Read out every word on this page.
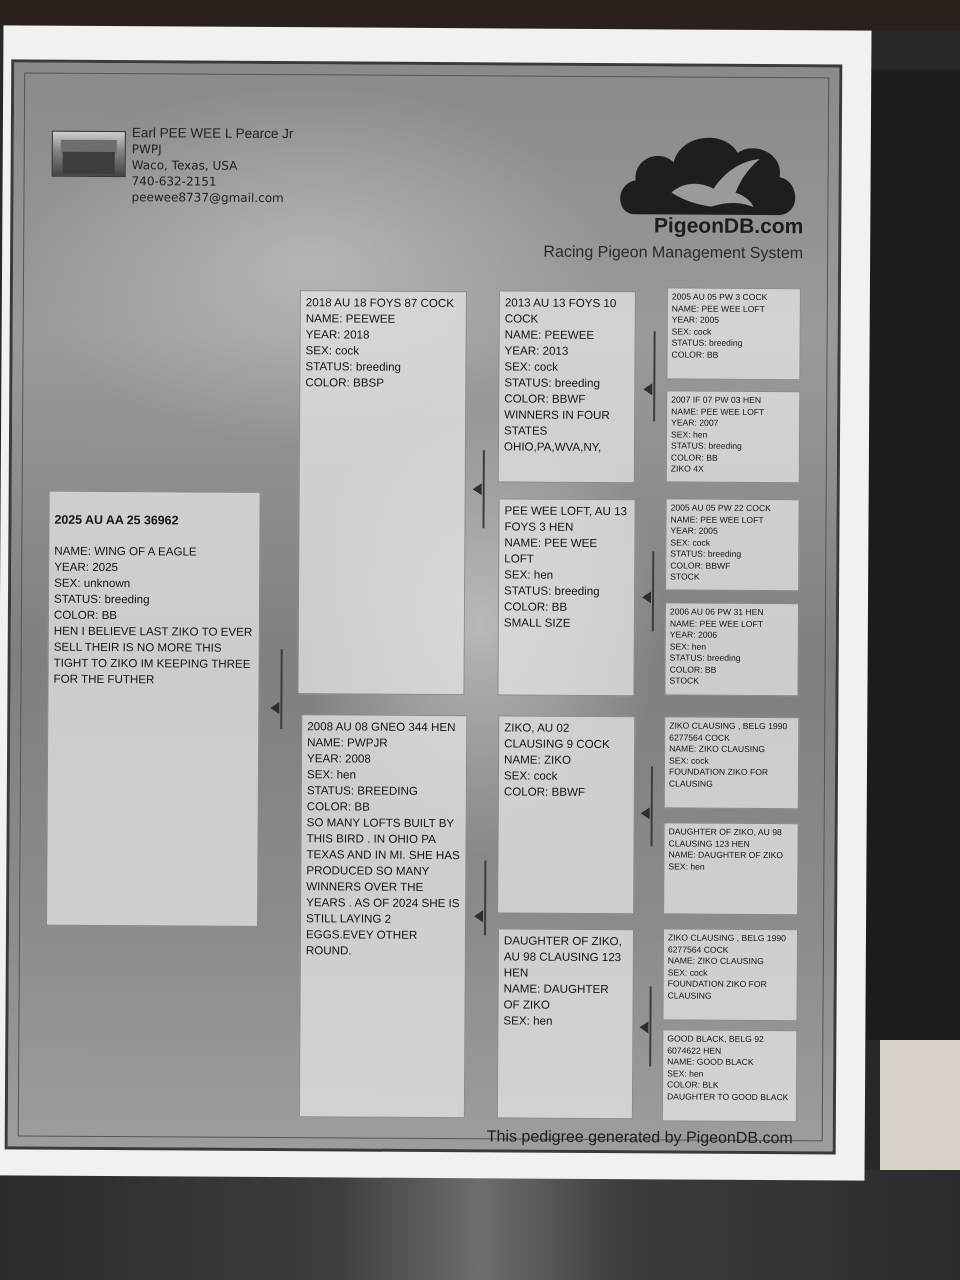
Earl PEE WEE L Pearce Jr
PWPJ
Waco, Texas, USA
740-632-2151
peewee8737@gmail.com
PigeonDB.com
Racing Pigeon Management System

2025 AU AA 25 36962

NAME: WING OF A EAGLE
YEAR: 2025
SEX: unknown
STATUS: breeding
COLOR: BB
HEN I BELIEVE LAST ZIKO TO EVER SELL THEIR IS NO MORE THIS TIGHT TO ZIKO IM KEEPING THREE FOR THE FUTHER

2018 AU 18 FOYS 87 COCK
NAME: PEEWEE
YEAR: 2018
SEX: cock
STATUS: breeding
COLOR: BBSP
2008 AU 08 GNEO 344 HEN
NAME: PWPJR
YEAR: 2008
SEX: hen
STATUS: BREEDING
COLOR: BB
SO MANY LOFTS BUILT BY THIS BIRD . IN OHIO PA TEXAS AND IN MI. SHE HAS PRODUCED SO MANY WINNERS OVER THE YEARS . AS OF 2024 SHE IS STILL LAYING 2 EGGS.EVEY OTHER ROUND.
2013 AU 13 FOYS 10 COCK
NAME: PEEWEE
YEAR: 2013
SEX: cock
STATUS: breeding
COLOR: BBWF
WINNERS IN FOUR STATES
OHIO,PA,WVA,NY,
PEE WEE LOFT, AU 13 FOYS 3 HEN
NAME: PEE WEE LOFT
SEX: hen
STATUS: breeding
COLOR: BB
SMALL SIZE
ZIKO, AU 02 CLAUSING 9 COCK
NAME: ZIKO
SEX: cock
COLOR: BBWF
DAUGHTER OF ZIKO, AU 98 CLAUSING 123 HEN
NAME: DAUGHTER OF ZIKO
SEX: hen
2005 AU 05 PW 3 COCK
NAME: PEE WEE LOFT
YEAR: 2005
SEX: cock
STATUS: breeding
COLOR: BB
2007 IF 07 PW 03 HEN
NAME: PEE WEE LOFT
YEAR: 2007
SEX: hen
STATUS: breeding
COLOR: BB
ZIKO 4X
2005 AU 05 PW 22 COCK
NAME: PEE WEE LOFT
YEAR: 2005
SEX: cock
STATUS: breeding
COLOR: BBWF
STOCK
2006 AU 06 PW 31 HEN
NAME: PEE WEE LOFT
YEAR: 2006
SEX: hen
STATUS: breeding
COLOR: BB
STOCK
ZIKO CLAUSING , BELG 1990 6277564 COCK
NAME: ZIKO CLAUSING
SEX: cock
FOUNDATION ZIKO FOR CLAUSING
DAUGHTER OF ZIKO, AU 98 CLAUSING 123 HEN
NAME: DAUGHTER OF ZIKO
SEX: hen
ZIKO CLAUSING , BELG 1990 6277564 COCK
NAME: ZIKO CLAUSING
SEX: cock
FOUNDATION ZIKO FOR CLAUSING
GOOD BLACK, BELG 92 6074622 HEN
NAME: GOOD BLACK
SEX: hen
COLOR: BLK
DAUGHTER TO GOOD BLACK
This pedigree generated by PigeonDB.com
